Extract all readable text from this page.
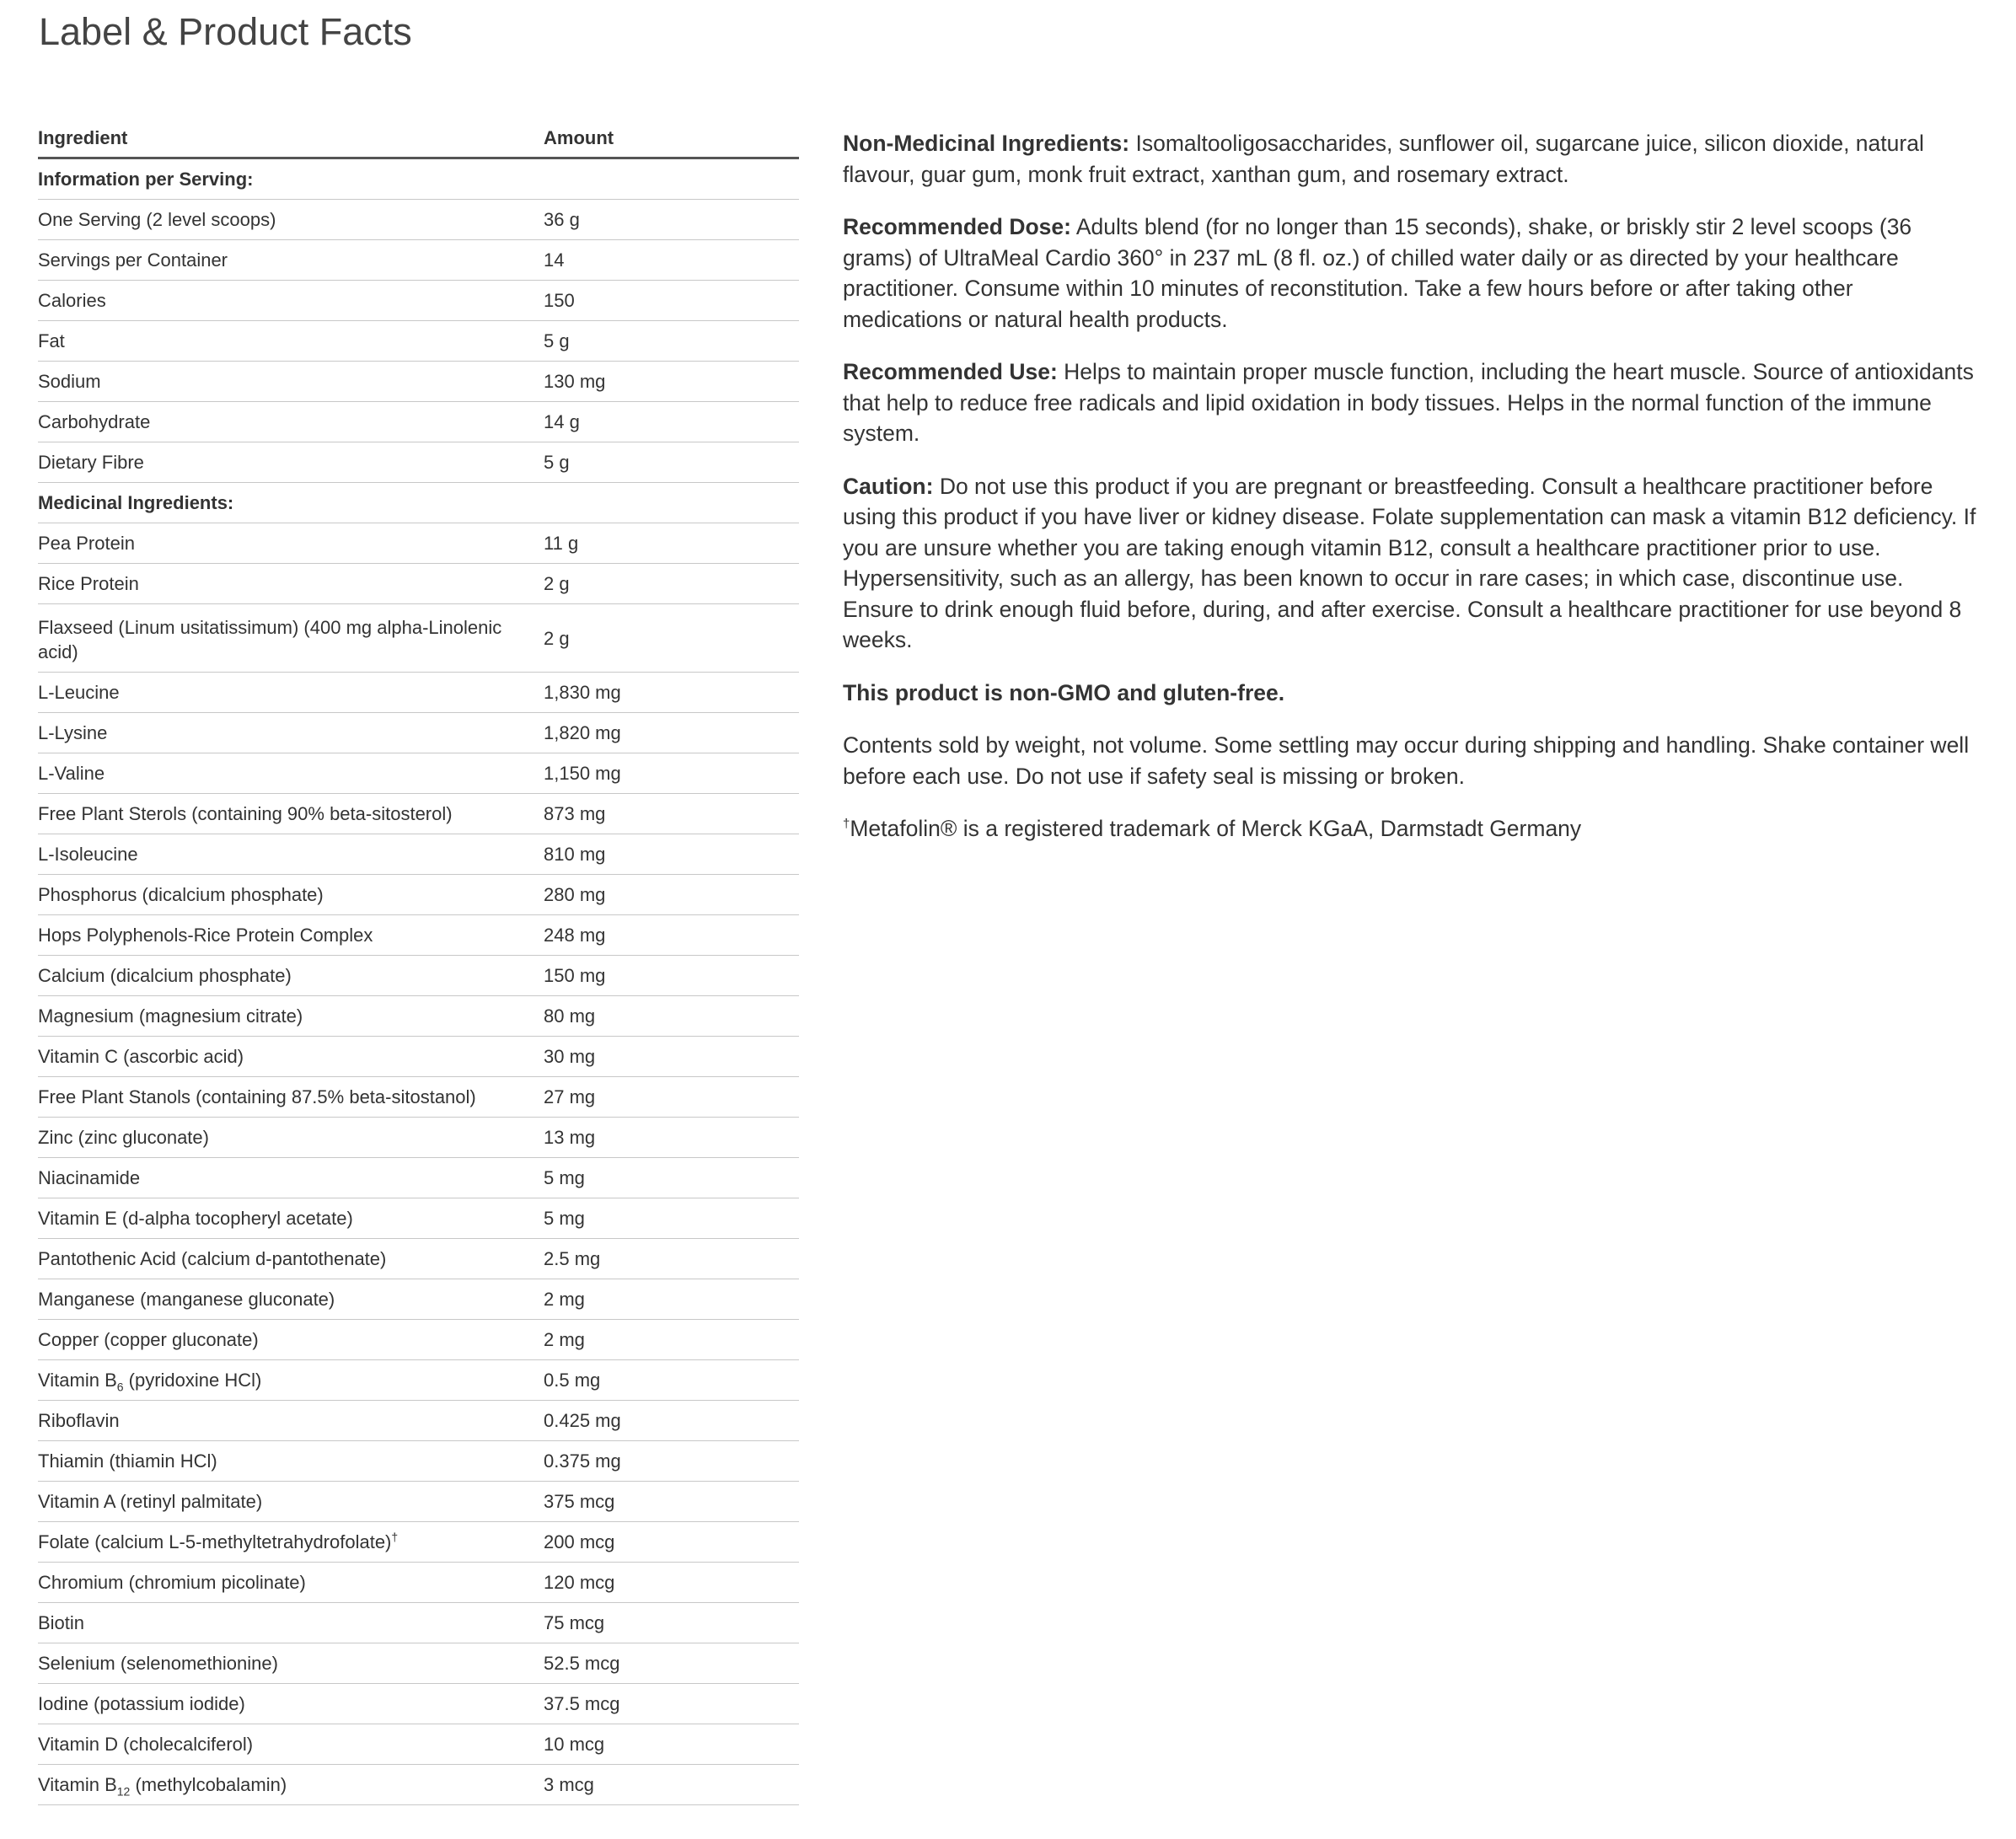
Label & Product Facts
Ingredient	Amount
Information per Serving:	
One Serving (2 level scoops)	36 g
Servings per Container	14
Calories	150
Fat	5 g
Sodium	130 mg
Carbohydrate	14 g
Dietary Fibre	5 g
Medicinal Ingredients:	
Pea Protein	11 g
Rice Protein	2 g
Flaxseed (Linum usitatissimum) (400 mg alpha-Linolenic acid)	2 g
L-Leucine	1,830 mg
L-Lysine	1,820 mg
L-Valine	1,150 mg
Free Plant Sterols (containing 90% beta-sitosterol)	873 mg
L-Isoleucine	810 mg
Phosphorus (dicalcium phosphate)	280 mg
Hops Polyphenols-Rice Protein Complex	248 mg
Calcium (dicalcium phosphate)	150 mg
Magnesium (magnesium citrate)	80 mg
Vitamin C (ascorbic acid)	30 mg
Free Plant Stanols (containing 87.5% beta-sitostanol)	27 mg
Zinc (zinc gluconate)	13 mg
Niacinamide	5 mg
Vitamin E (d-alpha tocopheryl acetate)	5 mg
Pantothenic Acid (calcium d-pantothenate)	2.5 mg
Manganese (manganese gluconate)	2 mg
Copper (copper gluconate)	2 mg
Vitamin $B_6$ (pyridoxine HCl)	0.5 mg
Riboflavin	0.425 mg
Thiamin (thiamin HCl)	0.375 mg
Vitamin A (retinyl palmitate)	375 mcg
Folate (calcium L-5-methyltetrahydrofolate)†	200 mcg
Chromium (chromium picolinate)	120 mcg
Biotin	75 mcg
Selenium (selenomethionine)	52.5 mcg
Iodine (potassium iodide)	37.5 mcg
Vitamin D (cholecalciferol)	10 mcg
Vitamin $B_{12}$ (methylcobalamin)	3 mcg

Non-Medicinal Ingredients: Isomaltooligosaccharides, sunflower oil, sugarcane juice, silicon dioxide, natural flavour, guar gum, monk fruit extract, xanthan gum, and rosemary extract.

Recommended Dose: Adults blend (for no longer than 15 seconds), shake, or briskly stir 2 level scoops (36 grams) of UltraMeal Cardio 360° in 237 mL (8 fl. oz.) of chilled water daily or as directed by your healthcare practitioner. Consume within 10 minutes of reconstitution. Take a few hours before or after taking other medications or natural health products.

Recommended Use: Helps to maintain proper muscle function, including the heart muscle. Source of antioxidants that help to reduce free radicals and lipid oxidation in body tissues. Helps in the normal function of the immune system.

Caution: Do not use this product if you are pregnant or breastfeeding. Consult a healthcare practitioner before using this product if you have liver or kidney disease. Folate supplementation can mask a vitamin B12 deficiency. If you are unsure whether you are taking enough vitamin B12, consult a healthcare practitioner prior to use. Hypersensitivity, such as an allergy, has been known to occur in rare cases; in which case, discontinue use. Ensure to drink enough fluid before, during, and after exercise. Consult a healthcare practitioner for use beyond 8 weeks.

This product is non-GMO and gluten-free.

Contents sold by weight, not volume. Some settling may occur during shipping and handling. Shake container well before each use. Do not use if safety seal is missing or broken.

†Metafolin® is a registered trademark of Merck KGaA, Darmstadt Germany
